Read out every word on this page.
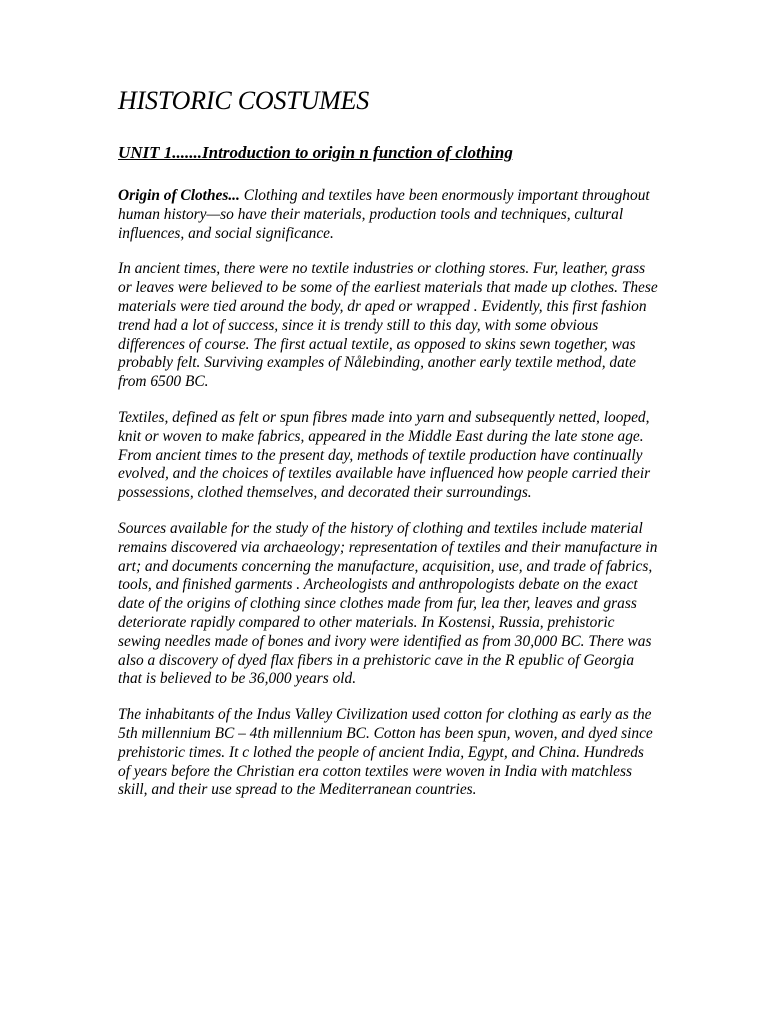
HISTORIC COSTUMES
UNIT 1.......Introduction to origin n function of clothing

Origin of Clothes... Clothing and textiles have been enormously important throughout human history—so have their materials, production tools and techniques, cultural influences, and social significance.

In ancient times, there were no textile industries or clothing stores. Fur, leather, grass or leaves were believed to be some of the earliest materials that made up clothes. These materials were tied around the body, dr aped or wrapped . Evidently, this first fashion trend had a lot of success, since it is trendy still to this day, with some obvious differences of course. The first actual textile, as opposed to skins sewn together, was probably felt. Surviving examples of Nålebinding, another early textile method, date from 6500 BC.

Textiles, defined as felt or spun fibres made into yarn and subsequently netted, looped, knit or woven to make fabrics, appeared in the Middle East during the late stone age. From ancient times to the present day, methods of textile production have continually evolved, and the choices of textiles available have influenced how people carried their possessions, clothed themselves, and decorated their surroundings.

Sources available for the study of the history of clothing and textiles include material remains discovered via archaeology; representation of textiles and their manufacture in art; and documents concerning the manufacture, acquisition, use, and trade of fabrics, tools, and finished garments . Archeologists and anthropologists debate on the exact date of the origins of clothing since clothes made from fur, lea ther, leaves and grass deteriorate rapidly compared to other materials. In Kostensi, Russia, prehistoric sewing needles made of bones and ivory were identified as from 30,000 BC. There was also a discovery of dyed flax fibers in a prehistoric cave in the R epublic of Georgia that is believed to be 36,000 years old.

The inhabitants of the Indus Valley Civilization used cotton for clothing as early as the 5th millennium BC – 4th millennium BC. Cotton has been spun, woven, and dyed since prehistoric times. It c lothed the people of ancient India, Egypt, and China. Hundreds of years before the Christian era cotton textiles were woven in India with matchless skill, and their use spread to the Mediterranean countries.
